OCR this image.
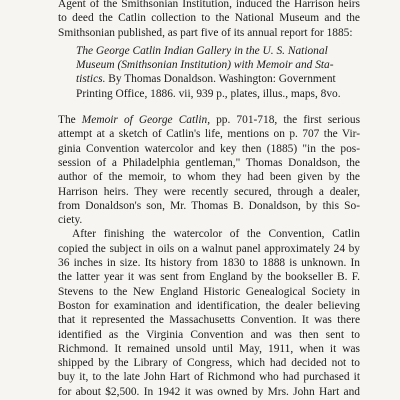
Agent of the Smithsonian Institution, induced the Harrison heirs
to deed the Catlin collection to the National Museum and the
Smithsonian published, as part five of its annual report for 1885:

The George Catlin Indian Gallery in the U. S. National
Museum (Smithsonian Institution) with Memoir and Sta-
tistics. By Thomas Donaldson. Washington: Government
Printing Office, 1886. vii, 939 p., plates, illus., maps, 8vo.

The Memoir of George Catlin, pp. 701-718, the first serious
attempt at a sketch of Catlin's life, mentions on p. 707 the Vir-
ginia Convention watercolor and key then (1885) "in the pos-
session of a Philadelphia gentleman," Thomas Donaldson, the
author of the memoir, to whom they had been given by the
Harrison heirs. They were recently secured, through a dealer,
from Donaldson's son, Mr. Thomas B. Donaldson, by this So-
ciety.

After finishing the watercolor of the Convention, Catlin
copied the subject in oils on a walnut panel approximately 24 by
36 inches in size. Its history from 1830 to 1888 is unknown. In
the latter year it was sent from England by the bookseller B. F.
Stevens to the New England Historic Genealogical Society in
Boston for examination and identification, the dealer believing
that it represented the Massachusetts Convention. It was there
identified as the Virginia Convention and was then sent to
Richmond. It remained unsold until May, 1911, when it was
shipped by the Library of Congress, which had decided not to
buy it, to the late John Hart of Richmond who had purchased it
for about $2,500. In 1942 it was owned by Mrs. John Hart and
